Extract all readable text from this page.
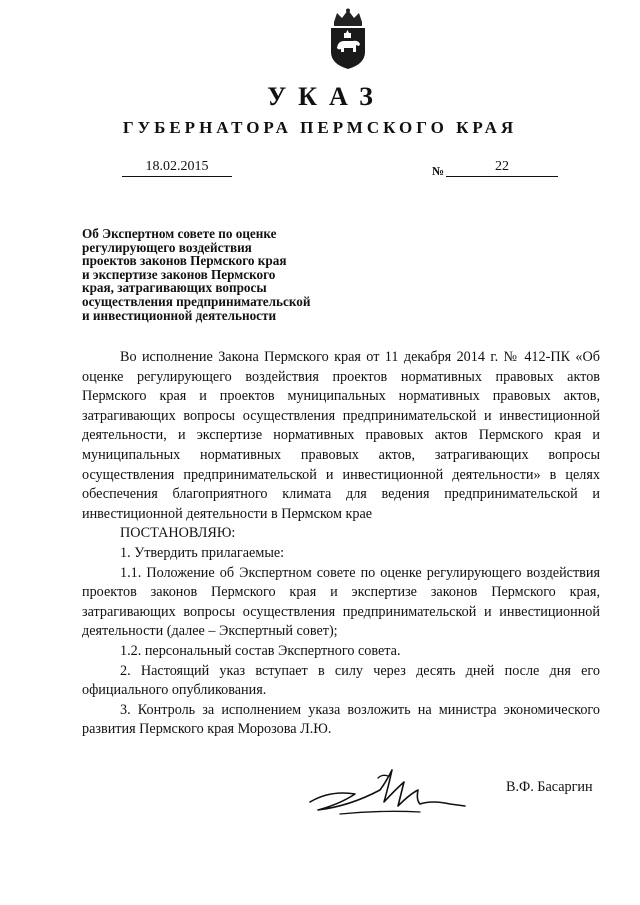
УКАЗ
ГУБЕРНАТОРА ПЕРМСКОГО КРАЯ
18.02.2015	№	22
Об Экспертном совете по оценке
регулирующего воздействия
проектов законов Пермского края
и экспертизе законов Пермского
края, затрагивающих вопросы
осуществления предпринимательской
и инвестиционной деятельности

Во исполнение Закона Пермского края от 11 декабря 2014 г. № 412-ПК «Об оценке регулирующего воздействия проектов нормативных правовых актов Пермского края и проектов муниципальных нормативных правовых актов, затрагивающих вопросы осуществления предпринимательской и инвестиционной деятельности, и экспертизе нормативных правовых актов Пермского края и муниципальных нормативных правовых актов, затрагивающих вопросы осуществления предпринимательской и инвестиционной деятельности» в целях обеспечения благоприятного климата для ведения предпринимательской и инвестиционной деятельности в Пермском крае

ПОСТАНОВЛЯЮ:

1. Утвердить прилагаемые:

1.1. Положение об Экспертном совете по оценке регулирующего воздействия проектов законов Пермского края и экспертизе законов Пермского края, затрагивающих вопросы осуществления предпринимательской и инвестиционной деятельности (далее – Экспертный совет);

1.2. персональный состав Экспертного совета.

2. Настоящий указ вступает в силу через десять дней после дня его официального опубликования.

3. Контроль за исполнением указа возложить на министра экономического развития Пермского края Морозова Л.Ю.

В.Ф. Басаргин
